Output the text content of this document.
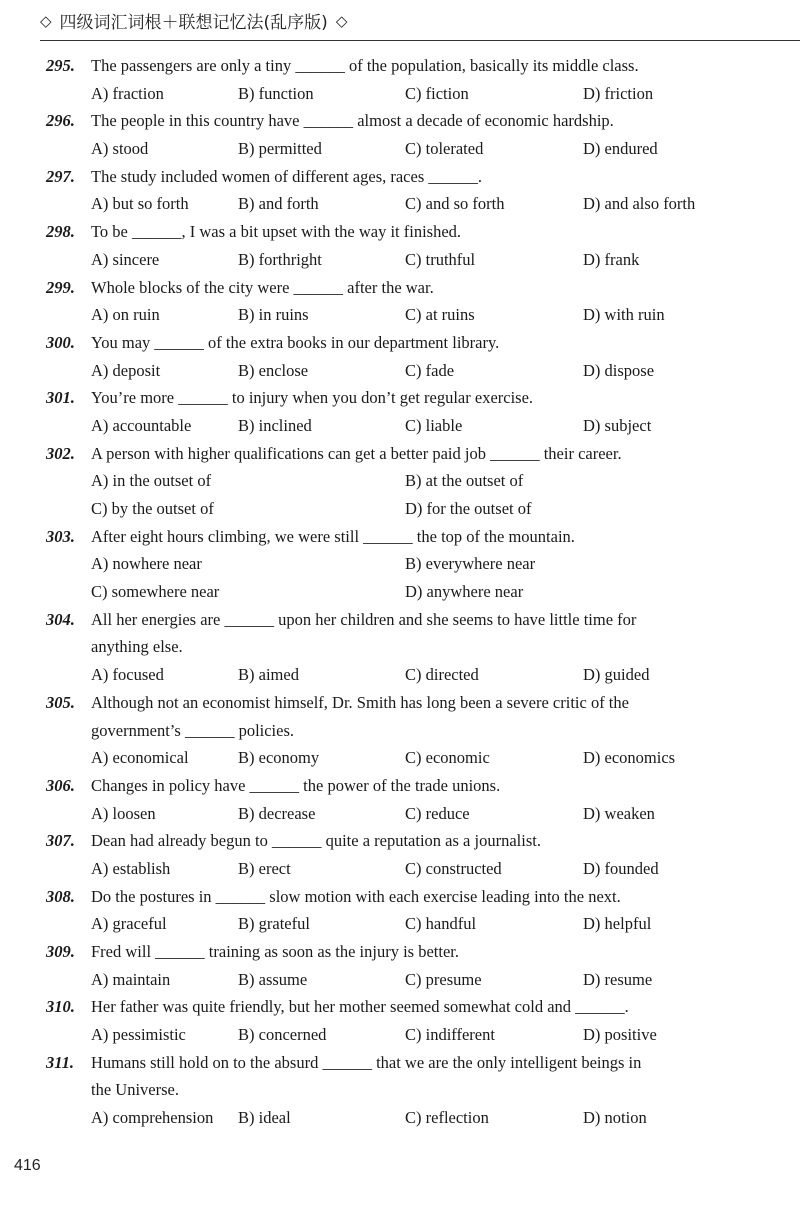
◇ 四级词汇词根＋联想记忆法(乱序版) ◇
295. The passengers are only a tiny ______ of the population, basically its middle class.
A) fraction	B) function	C) fiction	D) friction
296. The people in this country have ______ almost a decade of economic hardship.
A) stood	B) permitted	C) tolerated	D) endured
297. The study included women of different ages, races ______.
A) but so forth	B) and forth	C) and so forth	D) and also forth
298. To be ______, I was a bit upset with the way it finished.
A) sincere	B) forthright	C) truthful	D) frank
299. Whole blocks of the city were ______ after the war.
A) on ruin	B) in ruins	C) at ruins	D) with ruin
300. You may ______ of the extra books in our department library.
A) deposit	B) enclose	C) fade	D) dispose
301. You’re more ______ to injury when you don’t get regular exercise.
A) accountable	B) inclined	C) liable	D) subject
302. A person with higher qualifications can get a better paid job ______ their career.
A) in the outset of	B) at the outset of
C) by the outset of	D) for the outset of
303. After eight hours climbing, we were still ______ the top of the mountain.
A) nowhere near	B) everywhere near
C) somewhere near	D) anywhere near
304. All her energies are ______ upon her children and she seems to have little time for
anything else.
A) focused	B) aimed	C) directed	D) guided
305. Although not an economist himself, Dr. Smith has long been a severe critic of the
government’s ______ policies.
A) economical	B) economy	C) economic	D) economics
306. Changes in policy have ______ the power of the trade unions.
A) loosen	B) decrease	C) reduce	D) weaken
307. Dean had already begun to ______ quite a reputation as a journalist.
A) establish	B) erect	C) constructed	D) founded
308. Do the postures in ______ slow motion with each exercise leading into the next.
A) graceful	B) grateful	C) handful	D) helpful
309. Fred will ______ training as soon as the injury is better.
A) maintain	B) assume	C) presume	D) resume
310. Her father was quite friendly, but her mother seemed somewhat cold and ______.
A) pessimistic	B) concerned	C) indifferent	D) positive
311. Humans still hold on to the absurd ______ that we are the only intelligent beings in
the Universe.
A) comprehension B) ideal	C) reflection	D) notion
416
